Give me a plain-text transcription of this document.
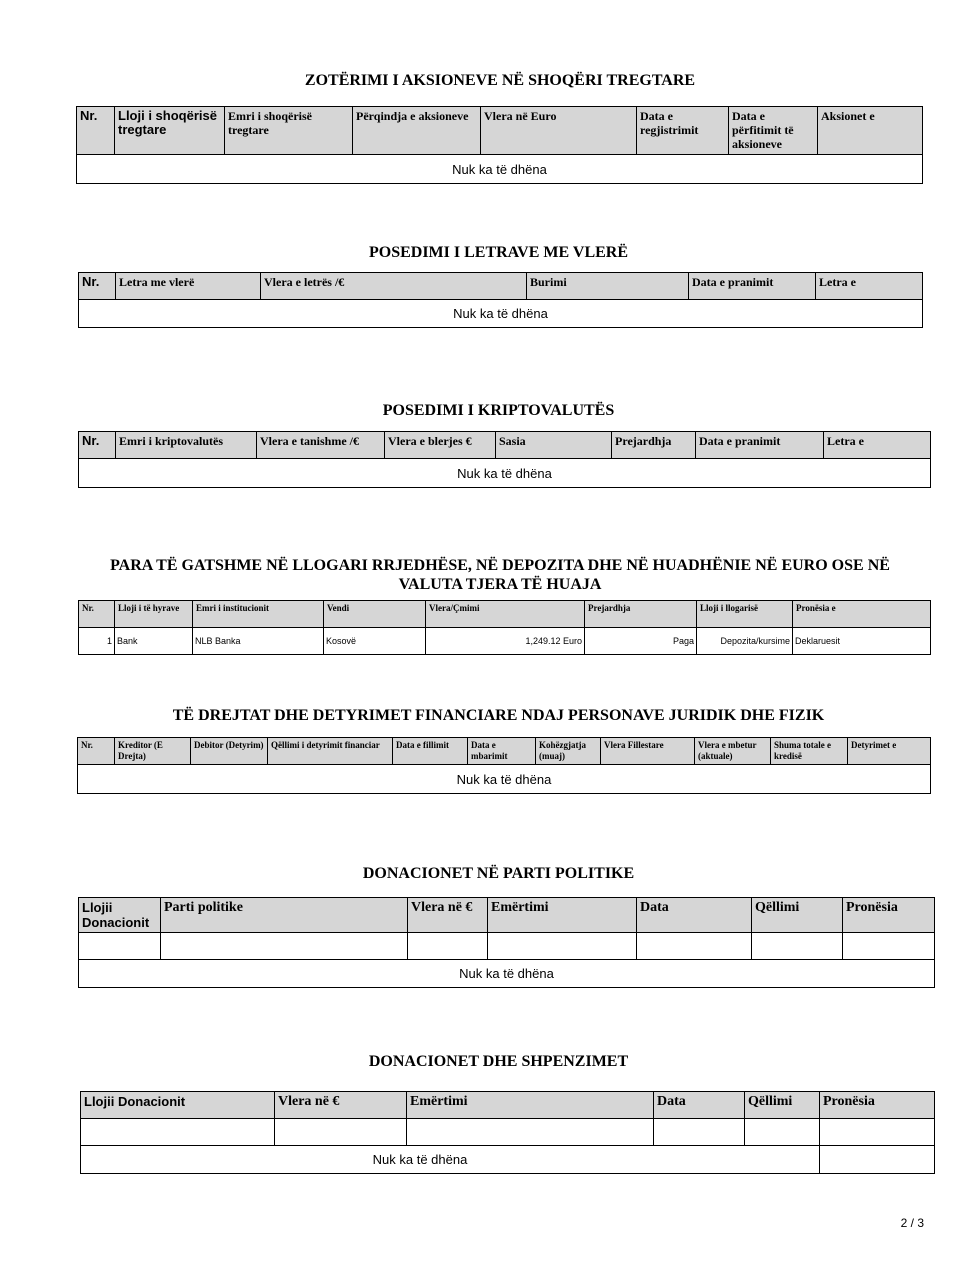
ZOTËRIMI I AKSIONEVE NË SHOQËRI TREGTARE
Nr.	Lloji i shoqërisë tregtare	Emri i shoqërisë tregtare	Përqindja e aksioneve	Vlera në Euro	Data e regjistrimit	Data e përfitimit të aksioneve	Aksionet e
Nuk ka të dhëna
POSEDIMI I LETRAVE ME VLERË
Nr.	Letra me vlerë	Vlera e letrës /€	Burimi	Data e pranimit	Letra e
Nuk ka të dhëna
POSEDIMI I KRIPTOVALUTËS
Nr.	Emri i kriptovalutës	Vlera e tanishme /€	Vlera e blerjes €	Sasia	Prejardhja	Data e pranimit	Letra e
Nuk ka të dhëna
PARA TË GATSHME NË LLOGARI RRJEDHËSE, NË DEPOZITA DHE NË HUADHËNIE NË EURO OSE NË
VALUTA TJERA TË HUAJA
Nr.	Lloji i të hyrave	Emri i institucionit	Vendi	Vlera/Çmimi	Prejardhja	Lloji i llogarisë	Pronësia e
1	Bank	NLB Banka	Kosovë	1,249.12 Euro	Paga	Depozita/kursime	Deklaruesit
TË DREJTAT DHE DETYRIMET FINANCIARE NDAJ PERSONAVE JURIDIK DHE FIZIK
Nr.	Kreditor (E Drejta)	Debitor (Detyrim)	Qëllimi i detyrimit financiar	Data e fillimit	Data e mbarimit	Kohëzgjatja (muaj)	Vlera Fillestare	Vlera e mbetur (aktuale)	Shuma totale e kredisë	Detyrimet e
Nuk ka të dhëna
DONACIONET NË PARTI POLITIKE
Llojii Donacionit	Parti politike	Vlera në €	Emërtimi	Data	Qëllimi	Pronësia

Nuk ka të dhëna						
DONACIONET DHE SHPENZIMET
Llojii Donacionit	Vlera në €	Emërtimi	Data	Qëllimi	Pronësia

Nuk ka të dhëna					
2 / 3
